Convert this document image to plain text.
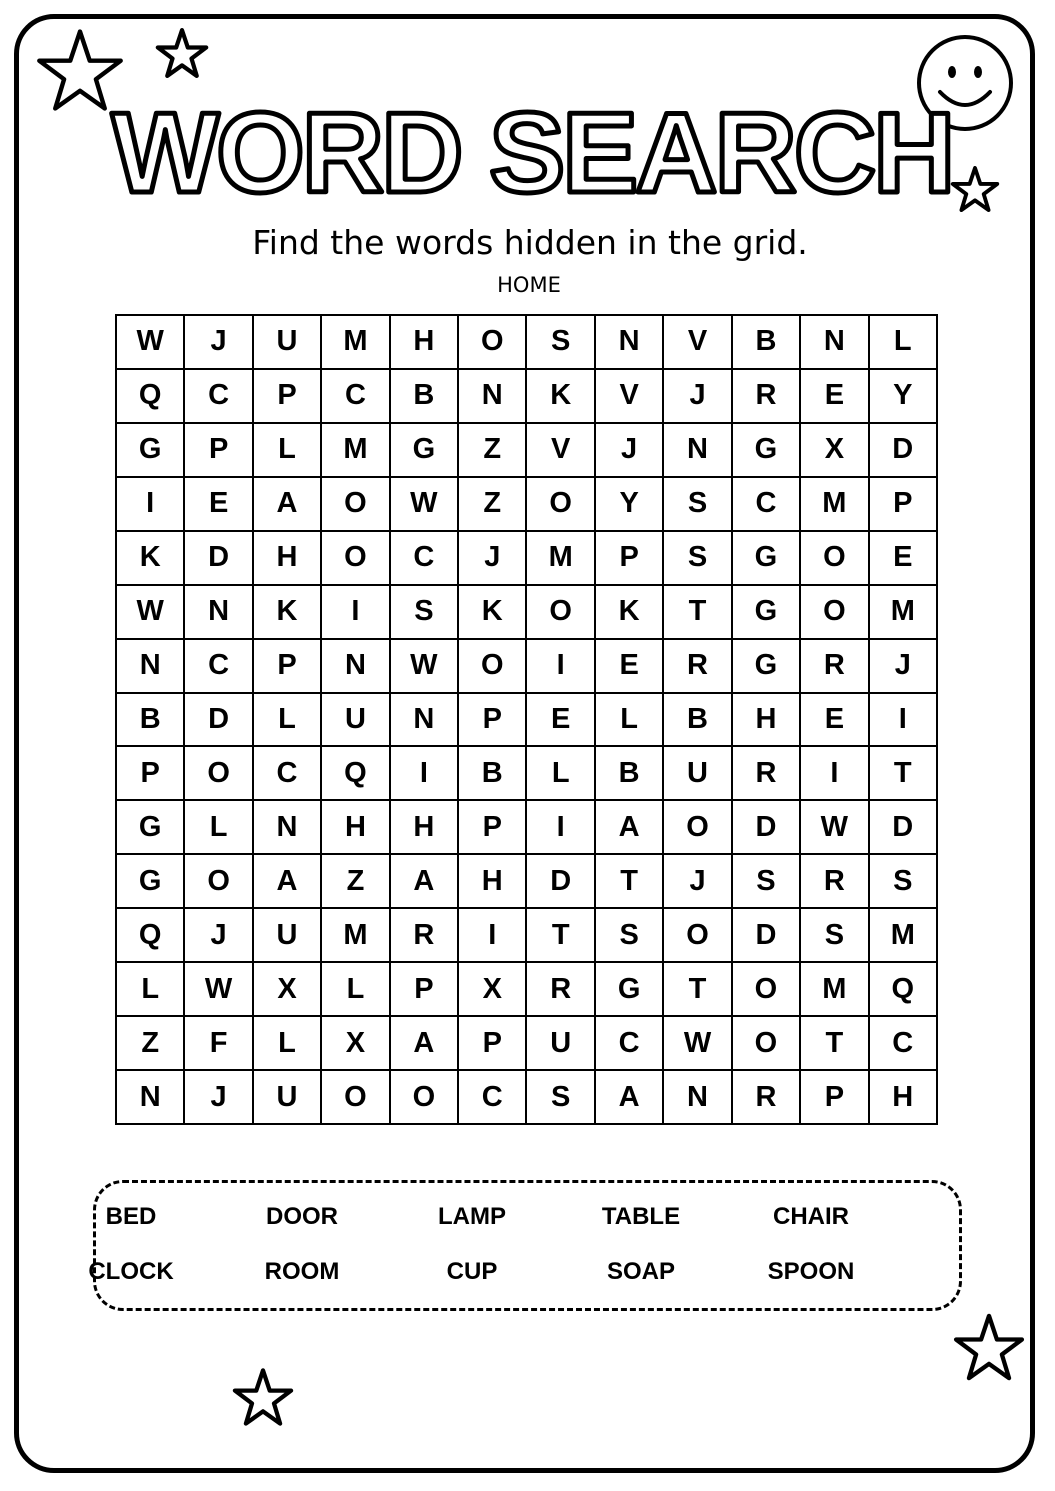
WORD SEARCH
Find the words hidden in the grid.
HOME
W	J	U	M	H	O	S	N	V	B	N	L
Q	C	P	C	B	N	K	V	J	R	E	Y
G	P	L	M	G	Z	V	J	N	G	X	D
I	E	A	O	W	Z	O	Y	S	C	M	P
K	D	H	O	C	J	M	P	S	G	O	E
W	N	K	I	S	K	O	K	T	G	O	M
N	C	P	N	W	O	I	E	R	G	R	J
B	D	L	U	N	P	E	L	B	H	E	I
P	O	C	Q	I	B	L	B	U	R	I	T
G	L	N	H	H	P	I	A	O	D	W	D
G	O	A	Z	A	H	D	T	J	S	R	S
Q	J	U	M	R	I	T	S	O	D	S	M
L	W	X	L	P	X	R	G	T	O	M	Q
Z	F	L	X	A	P	U	C	W	O	T	C
N	J	U	O	O	C	S	A	N	R	P	H
BED	DOOR	LAMP	TABLE	CHAIR
CLOCK	ROOM	CUP	SOAP	SPOON
